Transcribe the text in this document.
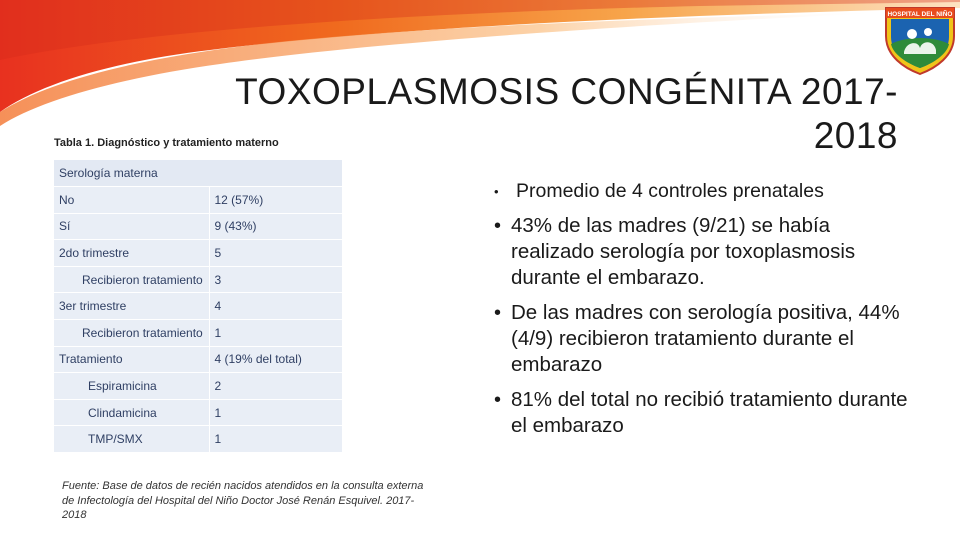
HOSPITAL DEL NIÑO
TOXOPLASMOSIS CONGÉNITA 2017-2018
Tabla 1. Diagnóstico y tratamiento materno
Serología materna	
No	12 (57%)
Sí	9 (43%)
2do trimestre	5
Recibieron tratamiento	3
3er trimestre	4
Recibieron tratamiento	1
Tratamiento	4 (19% del total)
Espiramicina	2
Clindamicina	1
TMP/SMX	1
Fuente: Base de datos de recién nacidos atendidos en la consulta externa de Infectología del Hospital del Niño Doctor José Renán Esquivel. 2017-2018
• Promedio de 4 controles prenatales
• 43% de las madres (9/21) se había realizado serología por toxoplasmosis durante el embarazo.
• De las madres con serología positiva, 44% (4/9) recibieron tratamiento durante el embarazo
• 81% del total no recibió tratamiento durante el embarazo
